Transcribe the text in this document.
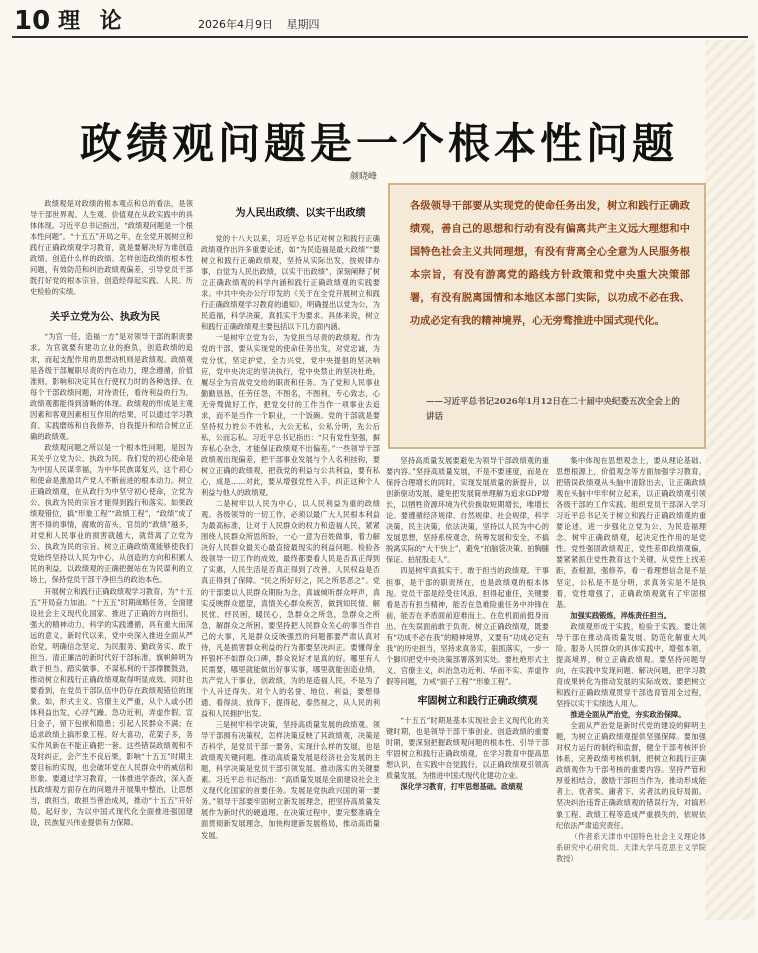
10 理 论	2026年4月9日 星期四
政绩观问题是一个根本性问题
颜晓峰

政绩观是对政绩的根本观点和总的看法，是领导干部世界观、人生观、价值观在从政实践中的具体体现。习近平总书记指出，“政绩观问题是一个根本性问题”。“十五五”开局之年，在全党开展树立和践行正确政绩观学习教育，就是要解决好为谁创造政绩、创造什么样的政绩、怎样创造政绩的根本性问题，有效防范和纠治政绩观偏差，引导党员干部既打好党的根本宗旨，创造经得起实践、人民、历史检验的实绩。

关乎立党为公、执政为民

“为官一任，造福一方”是对领导干部的职责要求。为官就要有建功立业的抱负，创造政绩的追求，而起支配作用的思想动机则是政绩观。政绩观是各级干部履职尽责的内在动力，理念遵循，价值准则，影响和决定其在行使权力时的各种选择。在每个干部政绩问题，对待责任，看待利益的行为，政绩观都能得到清晰的体现。政绩观的形成是主观因素和客观因素相互作用的结果，可以通过学习教育、实践磨练和自我修养，自我提升和结合树立正确的政绩观。

政绩观问题之所以是一个根本性问题，是因为其关乎立党为公、执政为民。我们党的初心使命是为中国人民谋幸福，为中华民族谋复兴，这个初心和使命是激励共产党人不断前进的根本动力。树立正确政绩观，在从政行为中坚守初心使命，立党为公、执政为民的宗旨才能得到践行和落实。如果政绩观错位，搞“形象工程”“政绩工程”，“政绩”成了害不得的事情，腐败的苗头，官员的“政绩”越多，对党和人民事业的损害就越大，就背离了立党为公、执政为民的宗旨。树立正确政绩观能够使我们党始终坚持以人民为中心，从创造的方向和积累人民的利益，以政绩观的正确把握站在为民谋利的立场上，保持党员干部干净担当的政治本色。

开展树立和践行正确政绩观学习教育，为“十五五”开局奋力加油。“十五五”时期战略任务，全面建设社会主义现代化国家、推进了正确的方向指引，强大的精神动力，科学的实践遵循，具有重大而深远的意义。新时代以来，党中央深入推进全面从严治党，明确信念坚定、为民服务、勤政务实、敢于担当、清正廉洁的新时代好干部标准，旗帜鲜明为敢于担当、踏实做事、不谋私利的干部撑腰鼓劲，推动树立和践行正确政绩观取得明显成效。同时也要看到，在党员干部队伍中仍存在政绩观错位的现象。如，形式主义、官僚主义严重，从个人或小团体利益出发，心浮气躁、急功近利，弄虚作假、宣日金子，留下包袱和隐患；引起人民群众不满；在追求政绩上搞形象工程、好大喜功，花架子多，务实作风新在不能正确把一套。这些错误政绩观和不及时纠正，会产生不良后果，影响“十五五”时期主要目标的实现，也会破坏党在人民群众中的威信和形象。要通过学习教育，一体推进学查改，深入查找政绩观方面存在的问题并开展集中整治，让思想当，敢担当，敢担当善治成风，推动“十五五”开好局，起好步，为以中国式现代化全面推进强国建设，民族复兴伟业提供有力保障。

为人民出政绩、以实干出政绩

党的十八大以来，习近平总书记对树立和践行正确政绩观作出许多重要论述，如“为民造福是最大政绩”“要树立和践行正确政绩观，坚持从实际出发，按规律办事，自觉为人民出政绩，以实干出政绩”，深刻阐释了树立正确政绩观的科学内涵和践行正确政绩观的实践要求。中共中央办公厅印发的《关于在全党开展树立和践行正确政绩观学习教育的通知》，明确提出以党为公，为民造福，科学决策，真抓实干为要求。具体来说，树立和践行正确政绩观主要包括以下几方面内涵。

一是树牢立党为公，为党担当尽责的政绩观。作为党的干部，要从实现党的使命任务出发，对党忠诚，为党分忧，坚定护党，全力兴党，党中央提倡的坚决响应，党中央决定的坚决执行，党中央禁止的坚决杜绝，履尽全为官战党交给的职责和任务。为了党和人民事业勤勤恳恳，任劳任怨，不图名，不图利，专心致志，心无旁骛做好工作，把党交付的工作当作一项事业去追求，而不是当作一个职业，一个饭碗。党的干部就是要坚持权力姓公不姓私，大公无私，公私分明，先公后私，公而忘私。习近平总书记指出：“只有党性坚强，摒弃私心杂念，才能保证政绩观不出偏差。”一些领导干部政绩观出现偏差，把干部事业发展与个人名利挂钩，要树立正确的政绩观，把我党的利益与公共利益，要有私心，成是……对此，要从增强党性入手，纠正这种个人利益与他人的政绩观。

二是树牢以人民为中心，以人民利益为重的政绩观。各级领导的一切工作，必须以最广大人民根本利益为最高标准，让对于人民群众的权力和造福人民，紧紧围绕人民群众所思所盼，一心一意为百姓做事，着力解决好人民群众最关心最直接最现实的利益问题。检验各级领导一切工作的成效，最终都要看人民是否真正得到了实惠，人民生活是否真正得到了改善，人民权益是否真正得到了保障。“民之所好好之，民之所恶恶之”。党的干部要以人民群众期盼为念，真诚倾听群众呼声，真实反映群众愿望，真情关心群众疾苦，做到知民情、解民忧、纾民困，暖民心，急群众之所急，急群众之所急，解群众之所困。要坚持把人民群众关心的事当作自己的大事，凡是群众反映强烈的问题都要严肃认真对待，凡是损害群众利益的行为都要坚决纠正。要懂得金杯银杯不如群众口碑，群众说好才是真的好。哪里有人民需要，哪里就能做出好事实事，哪里就能创造业绩，共产党人干事业，创政绩，为的是造福人民，不是为了个人升迁得失。对个人的名誉、地位、利益，要想得通、看得淡、放得下，提得起，泰然视之，从人民的利益和人民拥护出发。

三是树牢科学决策，坚持高质量发展的政绩观。领导干部拥有决策权，怎样决策反映了其政绩观，决策是否科学，是党员干部一要务，实现什么样的发展，也是政绩观关键问题。推动高质量发展是经济社会发展的主题，科学决策是党员干部引领发展、推动落实的关键要素。习近平总书记指出：“高质量发展是全面建设社会主义现代化国家的首要任务。发展是党执政兴国的第一要务。”领导干部要牢固树立新发展理念，把坚持高质量发展作为新时代的硬道理。在决策过程中，要完整准确全面贯彻新发展理念，加快构建新发展格局，推动高质量发展。

各级领导干部要从实现党的使命任务出发，树立和践行正确政绩观，善自己的思想和行动有没有偏离共产主义远大理想和中国特色社会主义共同理想，有没有背离全心全意为人民服务根本宗旨，有没有游离党的路线方针政策和党中央重大决策部署，有没有脱离国情和本地区本部门实际，以功成不必在我、功成必定有我的精神境界，心无旁骛推进中国式现代化。

——习近平总书记2026年1月12日在二十届中央纪委五次全会上的讲话

坚持高质量发展要避免为领导干部政绩观的重要内容。”坚持高质量发展，不是不要速度，而是在保持合理增长的同时，实现发展质量的新提升，以创新驱动发展，避免把发展简单理解为追求GDP增长，以牺牲资源环境为代价换取短期增长，唯增长论。要遵循经济规律、自然规律、社会规律，科学决策，民主决策，依法决策，坚持以人民为中心的发展思想，坚持系统观念，统筹发展和安全，不搞脱离实际的“大干快上”，避免“拍脑袋决策、拍胸脯保证、拍屁股走人”。

四是树牢真抓实干、敢于担当的政绩观。干事担事，是干部的职责所在，也是政绩观的根本体现。党员干部是经受住风浪、担得起重任，关键要看是否有担当精神，能否在急难险重任务中冲锋在前，能否在矛盾面前迎难而上、在危机面前挺身而出、在失误面前敢于负责。树立正确政绩观，既要有“功成不必在我”的精神境界，又要有“功成必定有我”的历史担当，坚持求真务实，狠抓落实，一步一个脚印把党中央决策部署落到实处。要杜绝形式主义、官僚主义，纠治急功近利、华而不实、弄虚作假等问题，力戒“面子工程”“形象工程”。

牢固树立和践行正确政绩观

“十五五”时期是基本实现社会主义现代化的关键时期，也是领导干部干事创业、创造政绩的重要时期，要深刻把握政绩观问题的根本性、引导干部牢固树立和践行正确政绩观，在学习教育中提高思想认识，在实践中自觉践行，以正确政绩观引领高质量发展，为推进中国式现代化建功立业。

深化学习教育，打牢思想基础。政绩观

集中体现在思想观念上，要从理论基础、思想根源上，价值观念等方面加强学习教育，把错误政绩观从头脑中清除出去，让正确政绩观在头脑中牢牢树立起来，以正确政绩观引领各级干部的工作实践。组织党员干部深入学习习近平总书记关于树立和践行正确政绩观的重要论述，进一步强化立党为公、为民造福理念。树牢正确政绩观，起决定性作用的是党性。党性强固政绩观正，党性差即政绩观偏，要紧紧抓住党性教育这个关键，从党性上找差距，查根源，强修养，看一看理想信念是不是坚定，公私是不是分明，求真务实是不是执着，党性增强了，正确政绩观就有了牢固根基。

加强实践锻炼，淬炼责任担当。

政绩观形成于实践，检验于实践。要让领导干部在推动高质量发展、防范化解重大风险、服务人民群众的具体实践中，增强本领，提高境界，树立正确政绩观。要坚持问题导向，在实践中发现问题、解决问题，把学习教育成果转化为推动发展的实际成效。要把树立和践行正确政绩观贯穿干部选育管用全过程，坚持以实干实绩选人用人。

推进全面从严治党，夯实政治保障。

全面从严治党是新时代党的建设的鲜明主题，为树立正确政绩观提供坚强保障。要加强对权力运行的制约和监督，健全干部考核评价体系，完善政绩考核机制，把树立和践行正确政绩观作为干部考核的重要内容。坚持严管和厚爱相结合，激励干部担当作为，推动形成能者上、优者奖、庸者下、劣者汰的良好局面。坚决纠治违背正确政绩观的错误行为，对搞形象工程、政绩工程等造成严重损失的，依规依纪依法严肃追究责任。

（作者系天津市中国特色社会主义理论体系研究中心研究员、天津大学马克思主义学院教授）
